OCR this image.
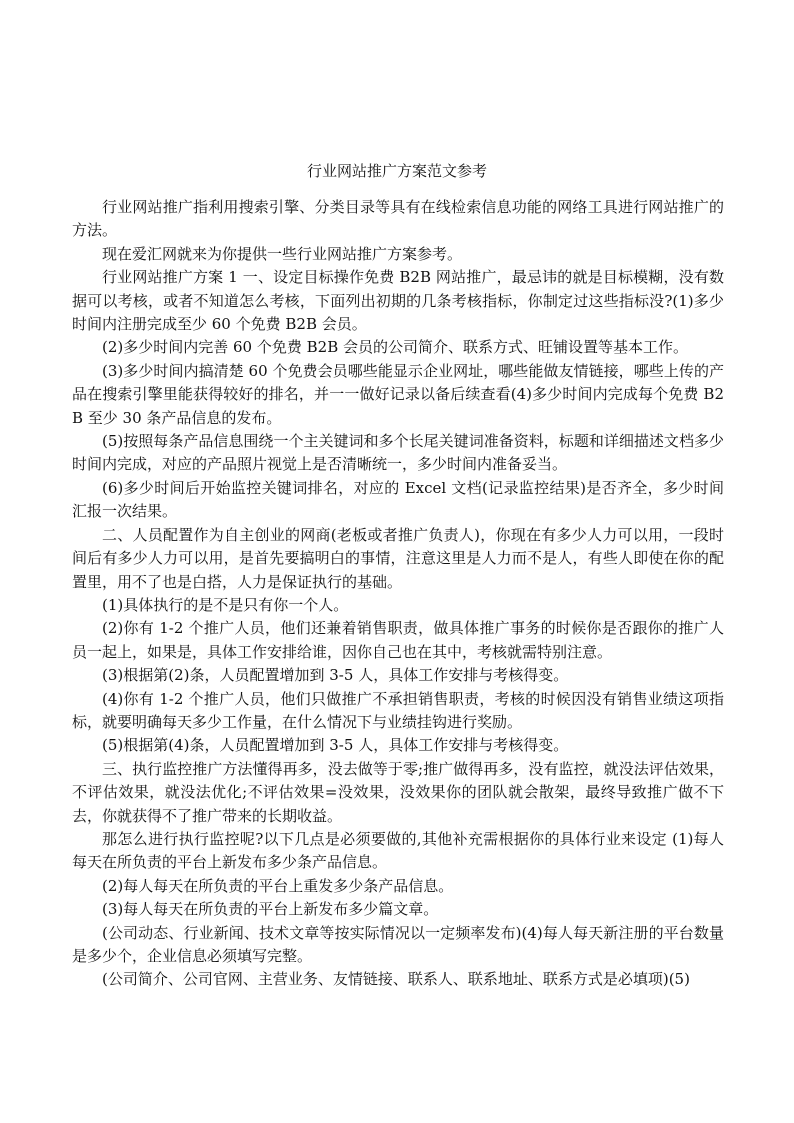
行业网站推广方案范文参考

行业网站推广指利用搜索引擎、分类目录等具有在线检索信息功能的网络工具进行网站推广的方法。

现在爱汇网就来为你提供一些行业网站推广方案参考。

行业网站推广方案 1 一、设定目标操作免费 B2B 网站推广，最忌讳的就是目标模糊，没有数据可以考核，或者不知道怎么考核，下面列出初期的几条考核指标，你制定过这些指标没?(1)多少时间内注册完成至少 60 个免费 B2B 会员。

(2)多少时间内完善 60 个免费 B2B 会员的公司简介、联系方式、旺铺设置等基本工作。

(3)多少时间内搞清楚 60 个免费会员哪些能显示企业网址，哪些能做友情链接，哪些上传的产品在搜索引擎里能获得较好的排名，并一一做好记录以备后续查看(4)多少时间内完成每个免费 B2B 至少 30 条产品信息的发布。

(5)按照每条产品信息围绕一个主关键词和多个长尾关键词准备资料，标题和详细描述文档多少时间内完成，对应的产品照片视觉上是否清晰统一，多少时间内准备妥当。

(6)多少时间后开始监控关键词排名，对应的 Excel 文档(记录监控结果)是否齐全，多少时间汇报一次结果。

二、人员配置作为自主创业的网商(老板或者推广负责人)，你现在有多少人力可以用，一段时间后有多少人力可以用，是首先要搞明白的事情，注意这里是人力而不是人，有些人即使在你的配置里，用不了也是白搭，人力是保证执行的基础。

(1)具体执行的是不是只有你一个人。

(2)你有 1-2 个推广人员，他们还兼着销售职责，做具体推广事务的时候你是否跟你的推广人员一起上，如果是，具体工作安排给谁，因你自己也在其中，考核就需特别注意。

(3)根据第(2)条，人员配置增加到 3-5 人，具体工作安排与考核得变。

(4)你有 1-2 个推广人员，他们只做推广不承担销售职责，考核的时候因没有销售业绩这项指标，就要明确每天多少工作量，在什么情况下与业绩挂钩进行奖励。

(5)根据第(4)条，人员配置增加到 3-5 人，具体工作安排与考核得变。

三、执行监控推广方法懂得再多，没去做等于零;推广做得再多，没有监控，就没法评估效果，不评估效果，就没法优化;不评估效果=没效果，没效果你的团队就会散架，最终导致推广做不下去，你就获得不了推广带来的长期收益。

那怎么进行执行监控呢?以下几点是必须要做的,其他补充需根据你的具体行业来设定 (1)每人每天在所负责的平台上新发布多少条产品信息。

(2)每人每天在所负责的平台上重发多少条产品信息。

(3)每人每天在所负责的平台上新发布多少篇文章。

(公司动态、行业新闻、技术文章等按实际情况以一定频率发布)(4)每人每天新注册的平台数量是多少个，企业信息必须填写完整。

(公司简介、公司官网、主营业务、友情链接、联系人、联系地址、联系方式是必填项)(5)
